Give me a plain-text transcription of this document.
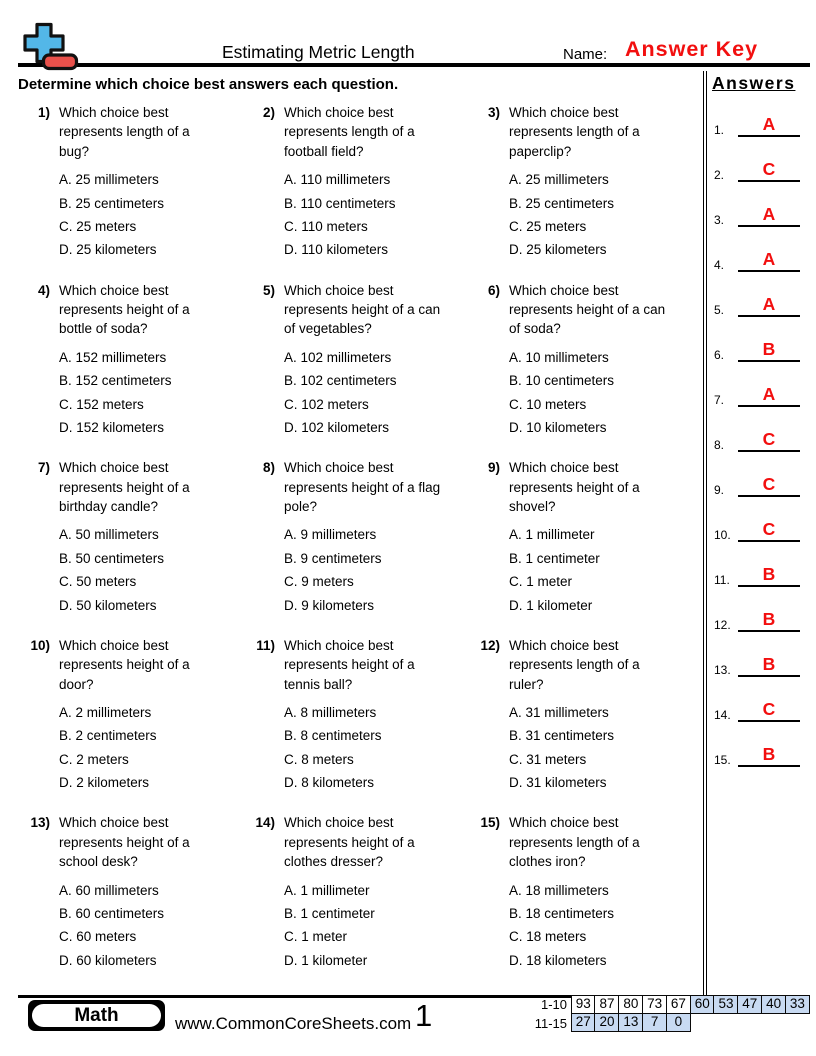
Estimating Metric Length	Name: Answer Key
Determine which choice best answers each question.
1) Which choice best
represents length of a
bug?
A. 25 millimeters
B. 25 centimeters
C. 25 meters
D. 25 kilometers
2) Which choice best
represents length of a
football field?
A. 110 millimeters
B. 110 centimeters
C. 110 meters
D. 110 kilometers
3) Which choice best
represents length of a
paperclip?
A. 25 millimeters
B. 25 centimeters
C. 25 meters
D. 25 kilometers
4) Which choice best
represents height of a
bottle of soda?
A. 152 millimeters
B. 152 centimeters
C. 152 meters
D. 152 kilometers
5) Which choice best
represents height of a can
of vegetables?
A. 102 millimeters
B. 102 centimeters
C. 102 meters
D. 102 kilometers
6) Which choice best
represents height of a can
of soda?
A. 10 millimeters
B. 10 centimeters
C. 10 meters
D. 10 kilometers
7) Which choice best
represents height of a
birthday candle?
A. 50 millimeters
B. 50 centimeters
C. 50 meters
D. 50 kilometers
8) Which choice best
represents height of a flag
pole?
A. 9 millimeters
B. 9 centimeters
C. 9 meters
D. 9 kilometers
9) Which choice best
represents height of a
shovel?
A. 1 millimeter
B. 1 centimeter
C. 1 meter
D. 1 kilometer
10) Which choice best
represents height of a
door?
A. 2 millimeters
B. 2 centimeters
C. 2 meters
D. 2 kilometers
11) Which choice best
represents height of a
tennis ball?
A. 8 millimeters
B. 8 centimeters
C. 8 meters
D. 8 kilometers
12) Which choice best
represents length of a
ruler?
A. 31 millimeters
B. 31 centimeters
C. 31 meters
D. 31 kilometers
13) Which choice best
represents height of a
school desk?
A. 60 millimeters
B. 60 centimeters
C. 60 meters
D. 60 kilometers
14) Which choice best
represents height of a
clothes dresser?
A. 1 millimeter
B. 1 centimeter
C. 1 meter
D. 1 kilometer
15) Which choice best
represents length of a
clothes iron?
A. 18 millimeters
B. 18 centimeters
C. 18 meters
D. 18 kilometers
Answers
1.	A
2.	C
3.	A
4.	A
5.	A
6.	B
7.	A
8.	C
9.	C
10.	C
11.	B
12.	B
13.	B
14.	C
15.	B
Math	www.CommonCoreSheets.com 1	1-10 93 87 80 73 67 60 53 47 40 33
11-15 27 20 13 7	0
